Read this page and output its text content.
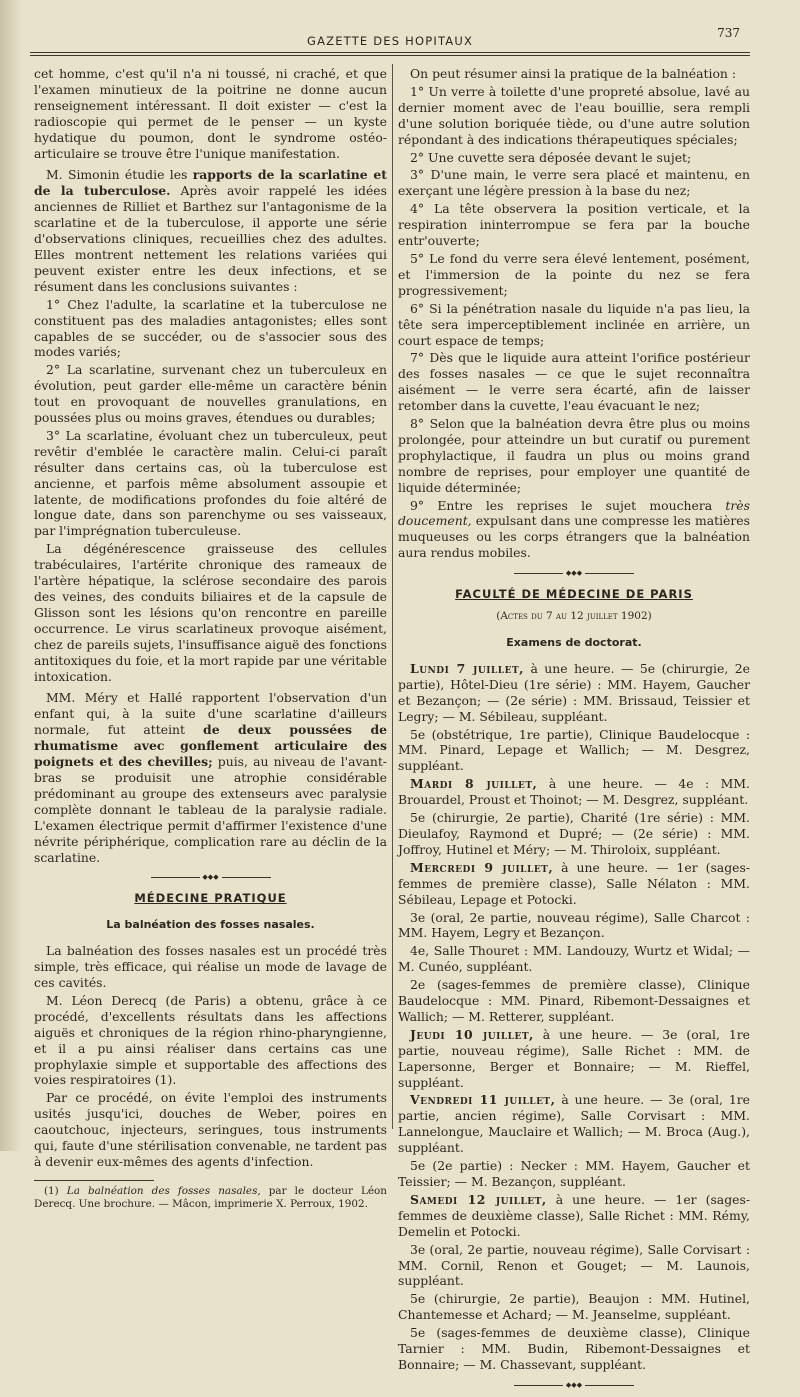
GAZETTE DES HOPITAUX
737

cet homme, c'est qu'il n'a ni toussé, ni craché, et que l'examen minutieux de la poitrine ne donne aucun renseignement intéressant. Il doit exister — c'est la radioscopie qui permet de le penser — un kyste hydatique du poumon, dont le syndrome ostéo-articulaire se trouve être l'unique manifestation.

M. Simonin étudie les rapports de la scarlatine et de la tuberculose. Après avoir rappelé les idées anciennes de Rilliet et Barthez sur l'antagonisme de la scarlatine et de la tuberculose, il apporte une série d'observations cliniques, recueillies chez des adultes. Elles montrent nettement les relations variées qui peuvent exister entre les deux infections, et se résument dans les conclusions suivantes :

1° Chez l'adulte, la scarlatine et la tuberculose ne constituent pas des maladies antagonistes; elles sont capables de se succéder, ou de s'associer sous des modes variés;

2° La scarlatine, survenant chez un tuberculeux en évolution, peut garder elle-même un caractère bénin tout en provoquant de nouvelles granulations, en poussées plus ou moins graves, étendues ou durables;

3° La scarlatine, évoluant chez un tuberculeux, peut revêtir d'emblée le caractère malin. Celui-ci paraît résulter dans certains cas, où la tuberculose est ancienne, et parfois même absolument assoupie et latente, de modifications profondes du foie altéré de longue date, dans son parenchyme ou ses vaisseaux, par l'imprégnation tuberculeuse.

La dégénérescence graisseuse des cellules trabéculaires, l'artérite chronique des rameaux de l'artère hépatique, la sclérose secondaire des parois des veines, des conduits biliaires et de la capsule de Glisson sont les lésions qu'on rencontre en pareille occurrence. Le virus scarlatineux provoque aisément, chez de pareils sujets, l'insuffisance aiguë des fonctions antitoxiques du foie, et la mort rapide par une véritable intoxication.

MM. Méry et Hallé rapportent l'observation d'un enfant qui, à la suite d'une scarlatine d'ailleurs normale, fut atteint de deux poussées de rhumatisme avec gonflement articulaire des poignets et des chevilles; puis, au niveau de l'avant-bras se produisit une atrophie considérable prédominant au groupe des extenseurs avec paralysie complète donnant le tableau de la paralysie radiale. L'examen électrique permit d'affirmer l'existence d'une névrite périphérique, complication rare au déclin de la scarlatine.

◆◆◆
MÉDECINE PRATIQUE
La balnéation des fosses nasales.

La balnéation des fosses nasales est un procédé très simple, très efficace, qui réalise un mode de lavage de ces cavités.

M. Léon Derecq (de Paris) a obtenu, grâce à ce procédé, d'excellents résultats dans les affections aiguës et chroniques de la région rhino-pharyngienne, et il a pu ainsi réaliser dans certains cas une prophylaxie simple et supportable des affections des voies respiratoires (1).

Par ce procédé, on évite l'emploi des instruments usités jusqu'ici, douches de Weber, poires en caoutchouc, injecteurs, seringues, tous instruments qui, faute d'une stérilisation convenable, ne tardent pas à devenir eux-mêmes des agents d'infection.

(1) La balnéation des fosses nasales, par le docteur Léon Derecq. Une brochure. — Mâcon, imprimerie X. Perroux, 1902.

On peut résumer ainsi la pratique de la balnéation :

1° Un verre à toilette d'une propreté absolue, lavé au dernier moment avec de l'eau bouillie, sera rempli d'une solution boriquée tiède, ou d'une autre solution répondant à des indications thérapeutiques spéciales;

2° Une cuvette sera déposée devant le sujet;

3° D'une main, le verre sera placé et maintenu, en exerçant une légère pression à la base du nez;

4° La tête observera la position verticale, et la respiration ininterrompue se fera par la bouche entr'ouverte;

5° Le fond du verre sera élevé lentement, posément, et l'immersion de la pointe du nez se fera progressivement;

6° Si la pénétration nasale du liquide n'a pas lieu, la tête sera imperceptiblement inclinée en arrière, un court espace de temps;

7° Dès que le liquide aura atteint l'orifice postérieur des fosses nasales — ce que le sujet reconnaîtra aisément — le verre sera écarté, afin de laisser retomber dans la cuvette, l'eau évacuant le nez;

8° Selon que la balnéation devra être plus ou moins prolongée, pour atteindre un but curatif ou purement prophylactique, il faudra un plus ou moins grand nombre de reprises, pour employer une quantité de liquide déterminée;

9° Entre les reprises le sujet mouchera très doucement, expulsant dans une compresse les matières muqueuses ou les corps étrangers que la balnéation aura rendus mobiles.

◆◆◆
FACULTÉ DE MÉDECINE DE PARIS
(Actes du 7 au 12 juillet 1902)
Examens de doctorat.

Lundi 7 juillet, à une heure. — 5e (chirurgie, 2e partie), Hôtel-Dieu (1re série) : MM. Hayem, Gaucher et Bezançon; — (2e série) : MM. Brissaud, Teissier et Legry; — M. Sébileau, suppléant.

5e (obstétrique, 1re partie), Clinique Baudelocque : MM. Pinard, Lepage et Wallich; — M. Desgrez, suppléant.

Mardi 8 juillet, à une heure. — 4e : MM. Brouardel, Proust et Thoinot; — M. Desgrez, suppléant.

5e (chirurgie, 2e partie), Charité (1re série) : MM. Dieulafoy, Raymond et Dupré; — (2e série) : MM. Joffroy, Hutinel et Méry; — M. Thiroloix, suppléant.

Mercredi 9 juillet, à une heure. — 1er (sages-femmes de première classe), Salle Nélaton : MM. Sébileau, Lepage et Potocki.

3e (oral, 2e partie, nouveau régime), Salle Charcot : MM. Hayem, Legry et Bezançon.

4e, Salle Thouret : MM. Landouzy, Wurtz et Widal; — M. Cunéo, suppléant.

2e (sages-femmes de première classe), Clinique Baudelocque : MM. Pinard, Ribemont-Dessaignes et Wallich; — M. Retterer, suppléant.

Jeudi 10 juillet, à une heure. — 3e (oral, 1re partie, nouveau régime), Salle Richet : MM. de Lapersonne, Berger et Bonnaire; — M. Rieffel, suppléant.

Vendredi 11 juillet, à une heure. — 3e (oral, 1re partie, ancien régime), Salle Corvisart : MM. Lannelongue, Mauclaire et Wallich; — M. Broca (Aug.), suppléant.

5e (2e partie) : Necker : MM. Hayem, Gaucher et Teissier; — M. Bezançon, suppléant.

Samedi 12 juillet, à une heure. — 1er (sages-femmes de deuxième classe), Salle Richet : MM. Rémy, Demelin et Potocki.

3e (oral, 2e partie, nouveau régime), Salle Corvisart : MM. Cornil, Renon et Gouget; — M. Launois, suppléant.

5e (chirurgie, 2e partie), Beaujon : MM. Hutinel, Chantemesse et Achard; — M. Jeanselme, suppléant.

5e (sages-femmes de deuxième classe), Clinique Tarnier : MM. Budin, Ribemont-Dessaignes et Bonnaire; — M. Chassevant, suppléant.

◆◆◆
